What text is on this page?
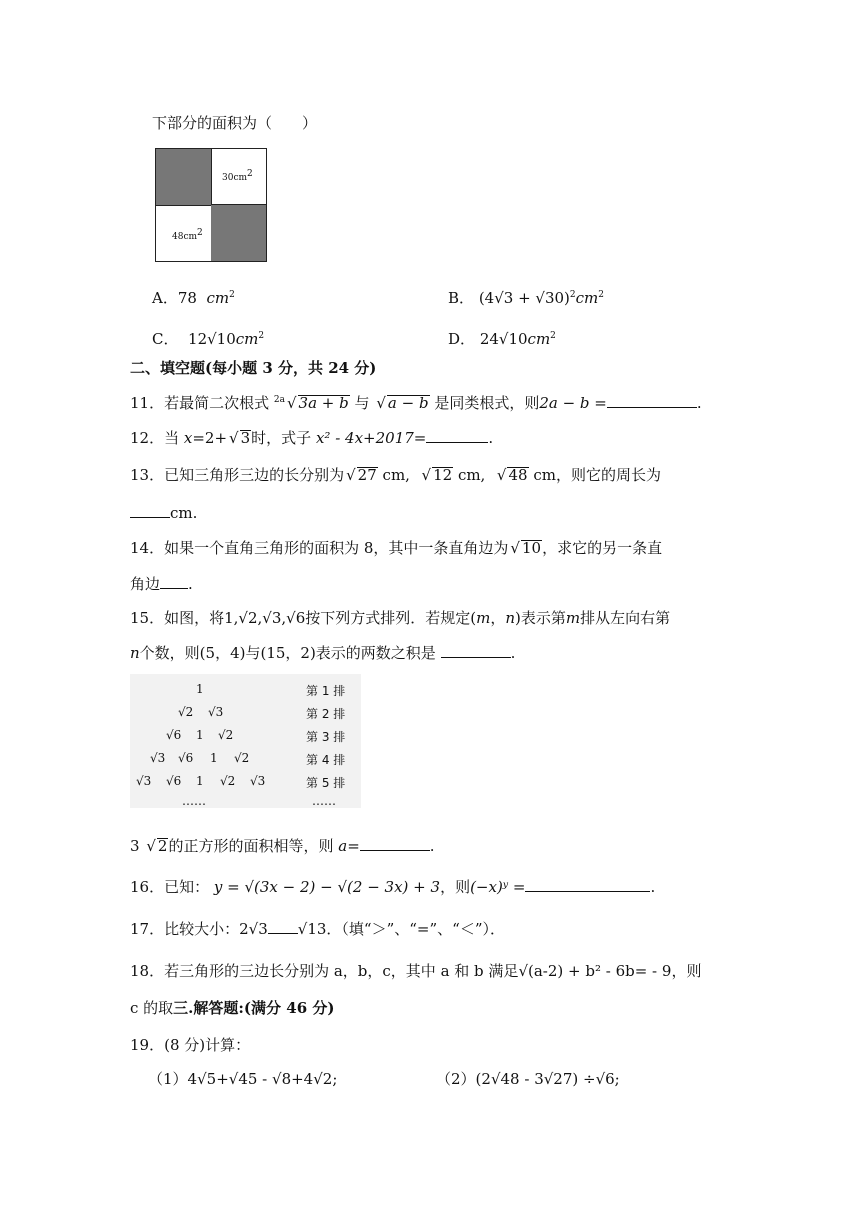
下部分的面积为（　　）
$30cm^2$
$48cm^2$
A．78 $cm^2$	B． $(4√3 + √30)^2cm^2$
C． $12√10cm^2$	D． $24√10cm^2$
二、填空题(每小题 3 分，共 24 分)
11．若最简二次根式 $^{2a}$ √ 3a + b 与 √ a − b 是同类根式，则2a − b =	.
12．当 x=2+ √ 3时，式子 x² - 4x+2017=	.
13．已知三角形三边的长分别为 √ 27 cm, √ 12 cm, √ 48 cm，则它的周长为
cm.
14．如果一个直角三角形的面积为 8，其中一条直角边为 √ 10，求它的另一条直
角边 .
15．如图，将1,√2,√3,√6按下列方式排列．若规定(m，n)表示第m排从左向右第
n个数，则(5，4)与(15，2)表示的两数之积是	.
1	第 1 排
√2 √3	第 2 排
√6 1 √2	第 3 排
√3 √6 1 √2	第 4 排
√3 √6 1 √2 √3	第 5 排
……	……
3 √ 2的正方形的面积相等，则 a=	.
16．已知： y = √(3x − 2) − √(2 − 3x) + 3，则(−x)ʸ =	.
17．比较大小：2√3 √13．（填“＞”、“=”、“＜”）．
18．若三角形的三边长分别为 a，b，c，其中 a 和 b 满足√(a-2) + b² - 6b= - 9，则
c 的取三.解答题:(满分 46 分)
19．(8 分)计算：
（1）4√5+√45 - √8+4√2;	（2）(2√48 - 3√27) ÷√6;
